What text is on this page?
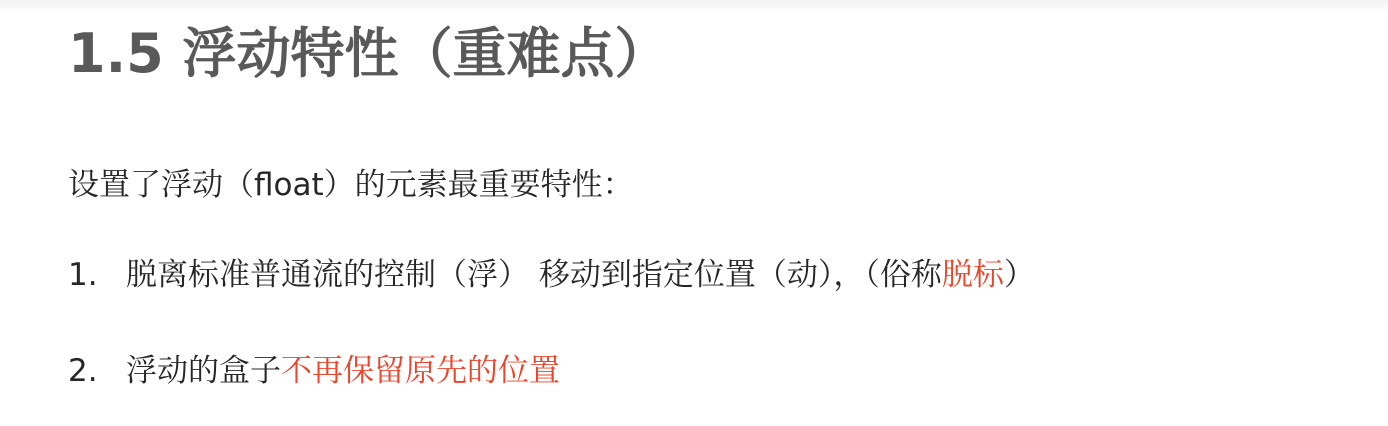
1.5 浮动特性（重难点）

设置了浮动（float）的元素最重要特性：

1. 脱离标准普通流的控制（浮） 移动到指定位置（动），（俗称脱标）

2. 浮动的盒子不再保留原先的位置
